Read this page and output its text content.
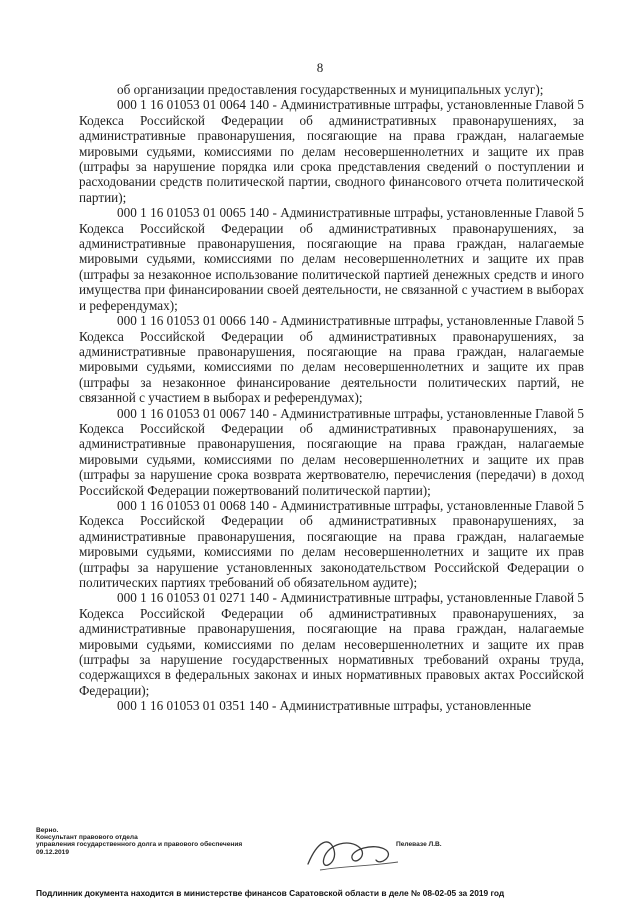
8

об организации предоставления государственных и муниципальных услуг);

000 1 16 01053 01 0064 140 - Административные штрафы, установленные Главой 5 Кодекса Российской Федерации об административных правонарушениях, за административные правонарушения, посягающие на права граждан, налагаемые мировыми судьями, комиссиями по делам несовершеннолетних и защите их прав (штрафы за нарушение порядка или срока представления сведений о поступлении и расходовании средств политической партии, сводного финансового отчета политической партии);

000 1 16 01053 01 0065 140 - Административные штрафы, установленные Главой 5 Кодекса Российской Федерации об административных правонарушениях, за административные правонарушения, посягающие на права граждан, налагаемые мировыми судьями, комиссиями по делам несовершеннолетних и защите их прав (штрафы за незаконное использование политической партией денежных средств и иного имущества при финансировании своей деятельности, не связанной с участием в выборах и референдумах);

000 1 16 01053 01 0066 140 - Административные штрафы, установленные Главой 5 Кодекса Российской Федерации об административных правонарушениях, за административные правонарушения, посягающие на права граждан, налагаемые мировыми судьями, комиссиями по делам несовершеннолетних и защите их прав (штрафы за незаконное финансирование деятельности политических партий, не связанной с участием в выборах и референдумах);

000 1 16 01053 01 0067 140 - Административные штрафы, установленные Главой 5 Кодекса Российской Федерации об административных правонарушениях, за административные правонарушения, посягающие на права граждан, налагаемые мировыми судьями, комиссиями по делам несовершеннолетних и защите их прав (штрафы за нарушение срока возврата жертвователю, перечисления (передачи) в доход Российской Федерации пожертвований политической партии);

000 1 16 01053 01 0068 140 - Административные штрафы, установленные Главой 5 Кодекса Российской Федерации об административных правонарушениях, за административные правонарушения, посягающие на права граждан, налагаемые мировыми судьями, комиссиями по делам несовершеннолетних и защите их прав (штрафы за нарушение установленных законодательством Российской Федерации о политических партиях требований об обязательном аудите);

000 1 16 01053 01 0271 140 - Административные штрафы, установленные Главой 5 Кодекса Российской Федерации об административных правонарушениях, за административные правонарушения, посягающие на права граждан, налагаемые мировыми судьями, комиссиями по делам несовершеннолетних и защите их прав (штрафы за нарушение государственных нормативных требований охраны труда, содержащихся в федеральных законах и иных нормативных правовых актах Российской Федерации);

000 1 16 01053 01 0351 140 - Административные штрафы, установленные

Верно.
Консультант правового отдела
управления государственного долга и правового обеспечения
09.12.2019
Пелевазе Л.В.
Подлинник документа находится в министерстве финансов Саратовской области в деле № 08-02-05 за 2019 год
